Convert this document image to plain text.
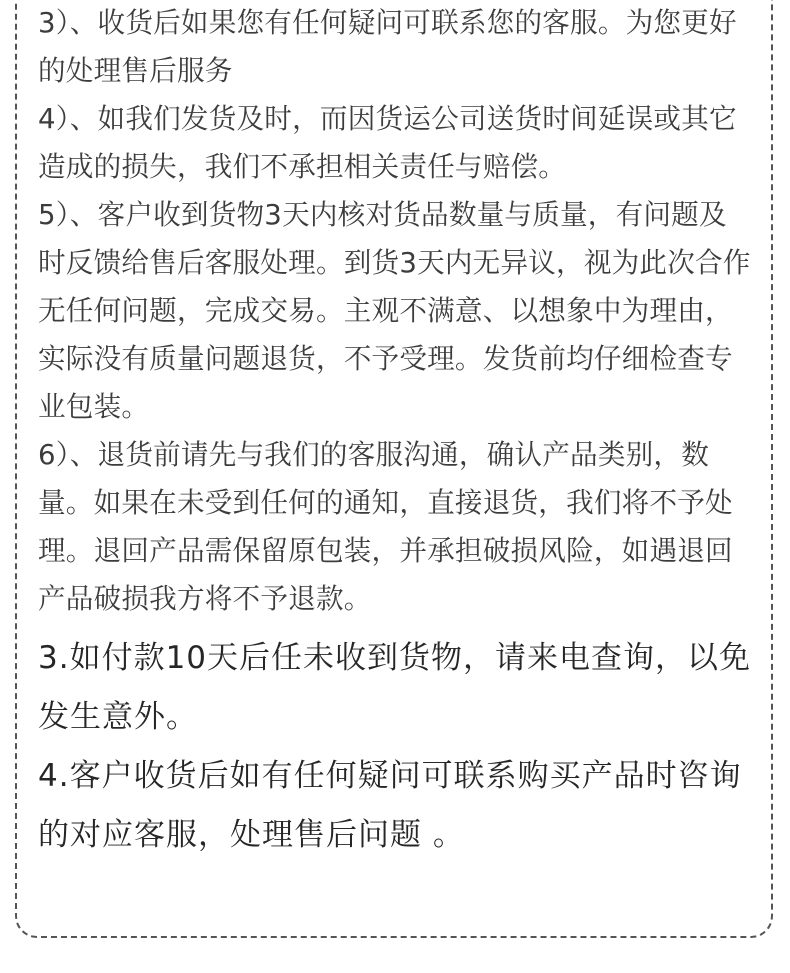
3）、收货后如果您有任何疑问可联系您的客服。为您更好的处理售后服务

4）、如我们发货及时，而因货运公司送货时间延误或其它造成的损失，我们不承担相关责任与赔偿。

5）、客户收到货物3天内核对货品数量与质量，有问题及时反馈给售后客服处理。到货3天内无异议，视为此次合作无任何问题，完成交易。主观不满意、以想象中为理由，实际没有质量问题退货，不予受理。发货前均仔细检查专业包装。

6）、退货前请先与我们的客服沟通，确认产品类别，数量。如果在未受到任何的通知，直接退货，我们将不予处理。退回产品需保留原包装，并承担破损风险，如遇退回产品破损我方将不予退款。

3.如付款10天后任未收到货物，请来电查询，以免发生意外。

4.客户收货后如有任何疑问可联系购买产品时咨询的对应客服，处理售后问题 。
